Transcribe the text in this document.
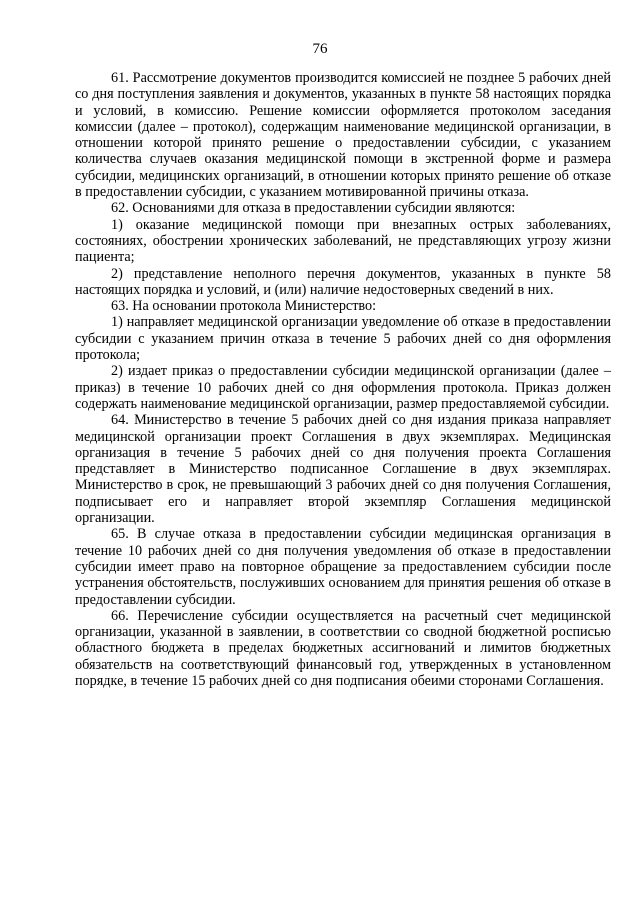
76

61. Рассмотрение документов производится комиссией не позднее 5 рабочих дней со дня поступления заявления и документов, указанных в пункте 58 настоящих порядка и условий, в комиссию. Решение комиссии оформляется протоколом заседания комиссии (далее – протокол), содержащим наименование медицинской организации, в отношении которой принято решение о предоставлении субсидии, с указанием количества случаев оказания медицинской помощи в экстренной форме и размера субсидии, медицинских организаций, в отношении которых принято решение об отказе в предоставлении субсидии, с указанием мотивированной причины отказа.

62. Основаниями для отказа в предоставлении субсидии являются:

1) оказание медицинской помощи при внезапных острых заболеваниях, состояниях, обострении хронических заболеваний, не представляющих угрозу жизни пациента;

2) представление неполного перечня документов, указанных в пункте 58 настоящих порядка и условий, и (или) наличие недостоверных сведений в них.

63. На основании протокола Министерство:

1) направляет медицинской организации уведомление об отказе в предоставлении субсидии с указанием причин отказа в течение 5 рабочих дней со дня оформления протокола;

2) издает приказ о предоставлении субсидии медицинской организации (далее – приказ) в течение 10 рабочих дней со дня оформления протокола. Приказ должен содержать наименование медицинской организации, размер предоставляемой субсидии.

64. Министерство в течение 5 рабочих дней со дня издания приказа направляет медицинской организации проект Соглашения в двух экземплярах. Медицинская организация в течение 5 рабочих дней со дня получения проекта Соглашения представляет в Министерство подписанное Соглашение в двух экземплярах. Министерство в срок, не превышающий 3 рабочих дней со дня получения Соглашения, подписывает его и направляет второй экземпляр Соглашения медицинской организации.

65. В случае отказа в предоставлении субсидии медицинская организация в течение 10 рабочих дней со дня получения уведомления об отказе в предоставлении субсидии имеет право на повторное обращение за предоставлением субсидии после устранения обстоятельств, послуживших основанием для принятия решения об отказе в предоставлении субсидии.

66. Перечисление субсидии осуществляется на расчетный счет медицинской организации, указанной в заявлении, в соответствии со сводной бюджетной росписью областного бюджета в пределах бюджетных ассигнований и лимитов бюджетных обязательств на соответствующий финансовый год, утвержденных в установленном порядке, в течение 15 рабочих дней со дня подписания обеими сторонами Соглашения.
